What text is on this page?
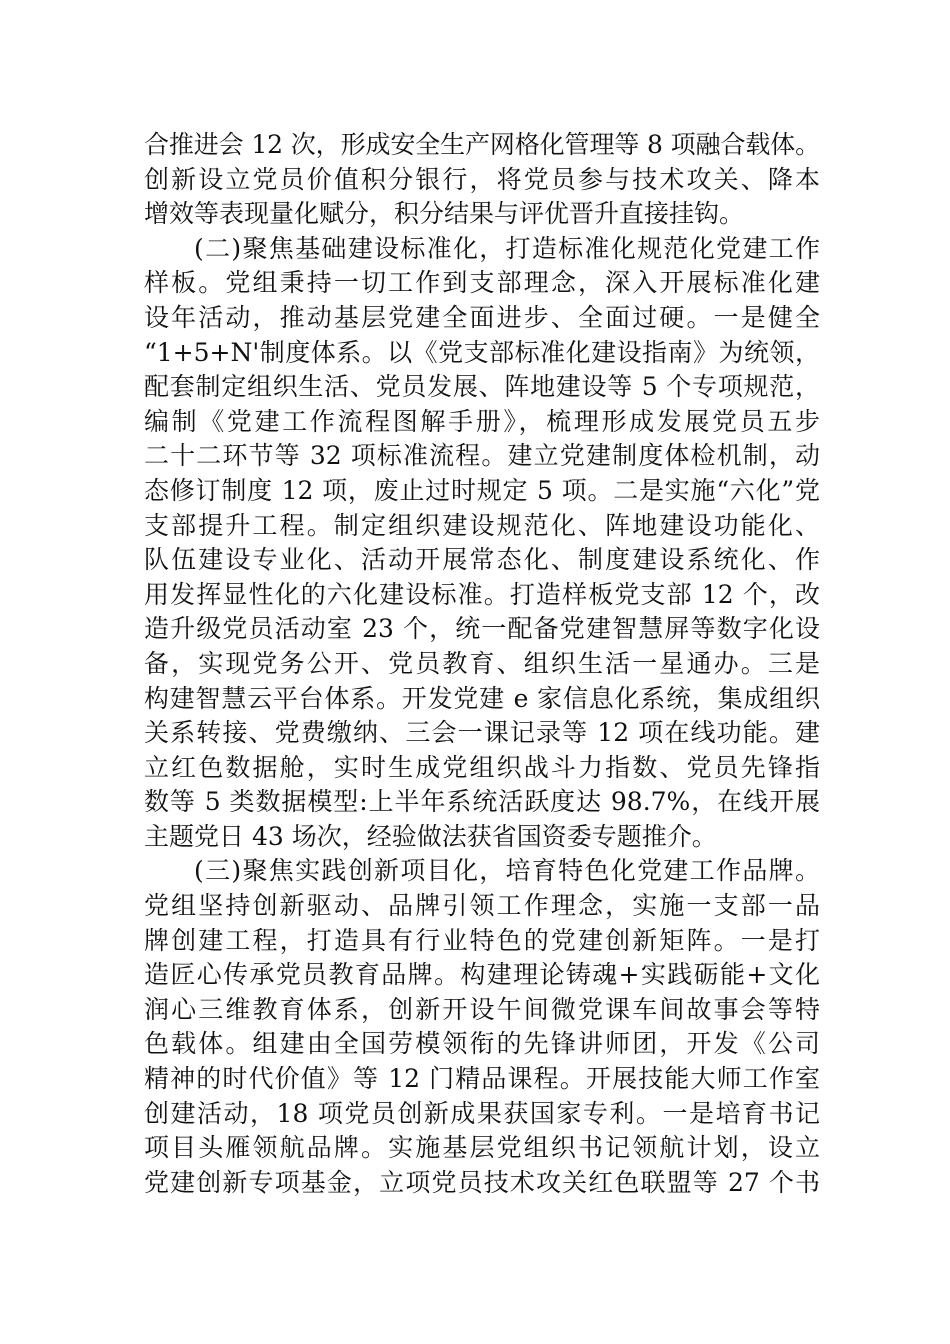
合推进会 12 次，形成安全生产网格化管理等 8 项融合载体。
创新设立党员价值积分银行，将党员参与技术攻关、降本
增效等表现量化赋分，积分结果与评优晋升直接挂钩。
(二)聚焦基础建设标准化，打造标准化规范化党建工作
样板。党组秉持一切工作到支部理念，深入开展标准化建
设年活动，推动基层党建全面进步、全面过硬。一是健全
“1+5+N'制度体系。以《党支部标准化建设指南》为统领，
配套制定组织生活、党员发展、阵地建设等 5 个专项规范，
编制《党建工作流程图解手册》，梳理形成发展党员五步
二十二环节等 32 项标准流程。建立党建制度体检机制，动
态修订制度 12 项，废止过时规定 5 项。二是实施“六化”党
支部提升工程。制定组织建设规范化、阵地建设功能化、
队伍建设专业化、活动开展常态化、制度建设系统化、作
用发挥显性化的六化建设标准。打造样板党支部 12 个，改
造升级党员活动室 23 个，统一配备党建智慧屏等数字化设
备，实现党务公开、党员教育、组织生活一星通办。三是
构建智慧云平台体系。开发党建 e 家信息化系统，集成组织
关系转接、党费缴纳、三会一课记录等 12 项在线功能。建
立红色数据舱，实时生成党组织战斗力指数、党员先锋指
数等 5 类数据模型:上半年系统活跃度达 98.7%，在线开展
主题党日 43 场次，经验做法获省国资委专题推介。
(三)聚焦实践创新项目化，培育特色化党建工作品牌。
党组坚持创新驱动、品牌引领工作理念，实施一支部一品
牌创建工程，打造具有行业特色的党建创新矩阵。一是打
造匠心传承党员教育品牌。构建理论铸魂+实践砺能+文化
润心三维教育体系，创新开设午间微党课车间故事会等特
色载体。组建由全国劳模领衔的先锋讲师团，开发《公司
精神的时代价值》等 12 门精品课程。开展技能大师工作室
创建活动，18 项党员创新成果获国家专利。一是培育书记
项目头雁领航品牌。实施基层党组织书记领航计划，设立
党建创新专项基金，立项党员技术攻关红色联盟等 27 个书
